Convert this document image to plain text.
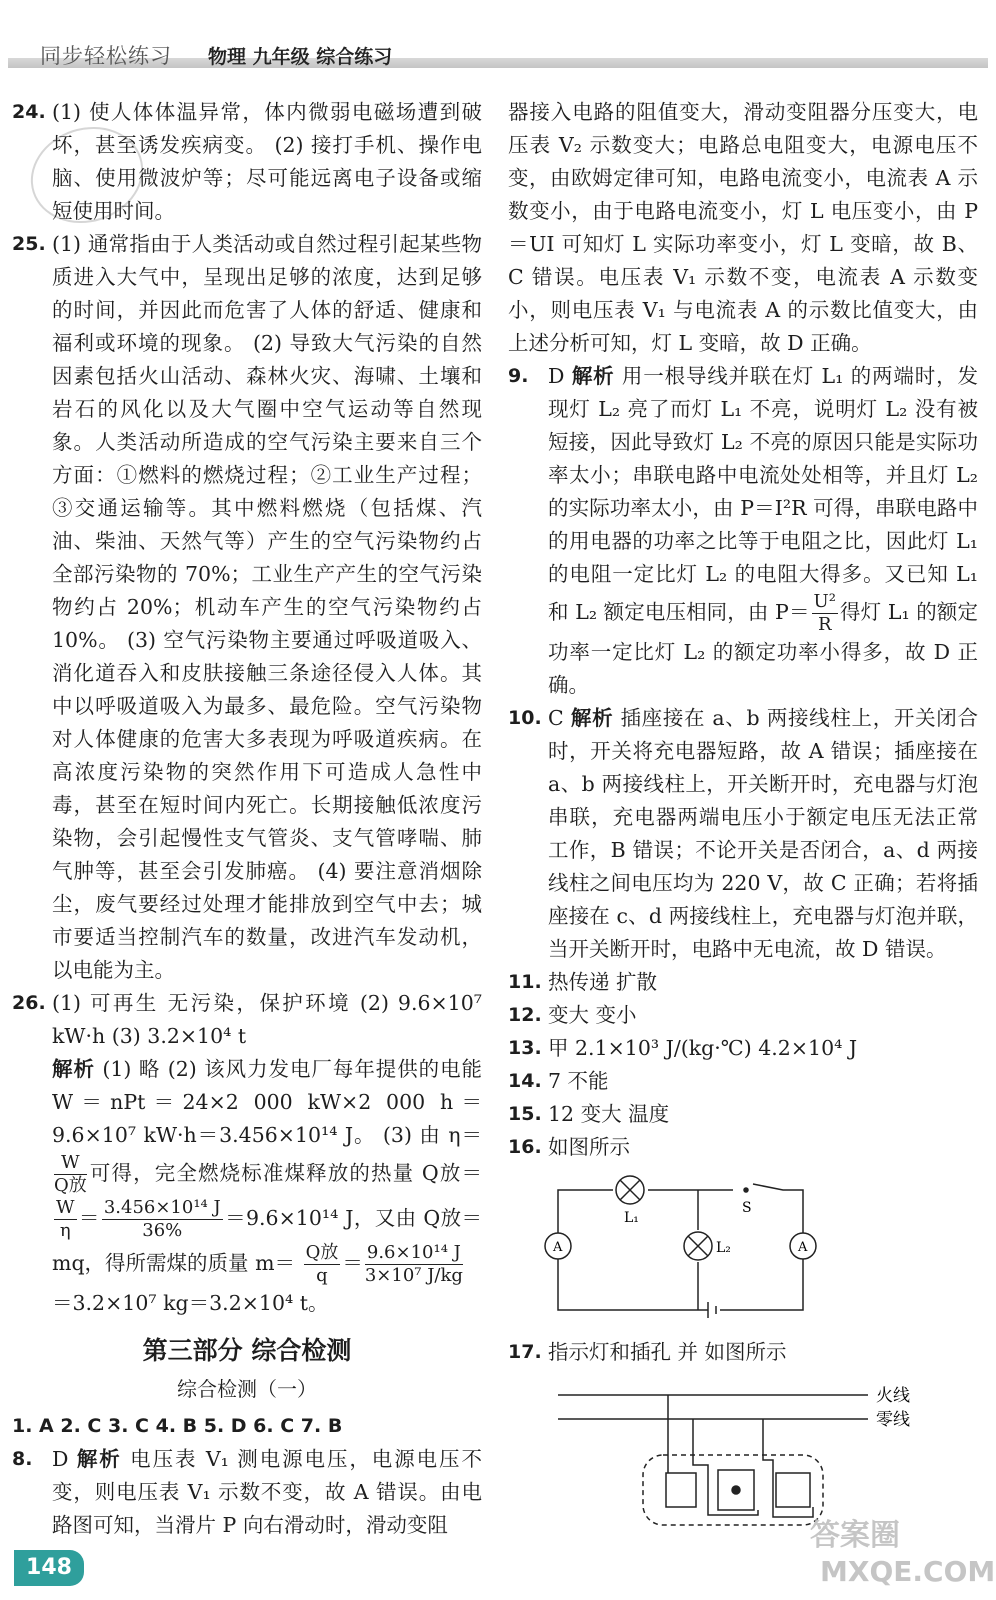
同步轻松练习 物理 九年级 综合练习
24. (1) 使人体体温异常，体内微弱电磁场遭到破坏，甚至诱发疾病变。 (2) 接打手机、操作电脑、使用微波炉等；尽可能远离电子设备或缩短使用时间。
25. (1) 通常指由于人类活动或自然过程引起某些物质进入大气中，呈现出足够的浓度，达到足够的时间，并因此而危害了人体的舒适、健康和福利或环境的现象。 (2) 导致大气污染的自然因素包括火山活动、森林火灾、海啸、土壤和岩石的风化以及大气圈中空气运动等自然现象。人类活动所造成的空气污染主要来自三个方面：①燃料的燃烧过程；②工业生产过程；③交通运输等。其中燃料燃烧（包括煤、汽油、柴油、天然气等）产生的空气污染物约占全部污染物的 70%；工业生产产生的空气污染物约占 20%；机动车产生的空气污染物约占 10%。 (3) 空气污染物主要通过呼吸道吸入、消化道吞入和皮肤接触三条途径侵入人体。其中以呼吸道吸入为最多、最危险。空气污染物对人体健康的危害大多表现为呼吸道疾病。在高浓度污染物的突然作用下可造成人急性中毒，甚至在短时间内死亡。长期接触低浓度污染物，会引起慢性支气管炎、支气管哮喘、肺气肿等，甚至会引发肺癌。 (4) 要注意消烟除尘，废气要经过处理才能排放到空气中去；城市要适当控制汽车的数量，改进汽车发动机，以电能为主。
26. (1) 可再生 无污染，保护环境 (2) 9.6×10⁷ kW·h (3) 3.2×10⁴ t
解析 (1) 略 (2) 该风力发电厂每年提供的电能 W＝nPt＝24×2 000 kW×2 000 h＝9.6×10⁷ kW·h＝3.456×10¹⁴ J。 (3) 由 η＝
$\frac{W}{\text{Q放}}$ 可得，完全燃烧标准煤释放的热量 Q放＝
$\frac{W}{\eta} = \frac{\text{3.456×10¹⁴ J}}{36\%} =9.6\times 10^{14}$ J，又由 Q放＝mq，得所需煤的质量 $m= \frac{\text{Q放}}{q} = \frac{\text{9.6×10¹⁴ J}}{\text{3×10⁷ J/kg}}$

＝3.2×10⁷ kg＝3.2×10⁴ t。
第三部分 综合检测
综合检测（一）
1. A 2. C 3. C 4. B 5. D 6. C 7. B
8. D 解析 电压表 V₁ 测电源电压，电源电压不变，则电压表 V₁ 示数不变，故 A 错误。由电路图可知，当滑片 P 向右滑动时，滑动变阻
器接入电路的阻值变大，滑动变阻器分压变大，电压表 V₂ 示数变大；电路总电阻变大，电源电压不变，由欧姆定律可知，电路电流变小，电流表 A 示数变小，由于电路电流变小，灯 L 电压变小，由 P＝UI 可知灯 L 实际功率变小，灯 L 变暗，故 B、C 错误。电压表 V₁ 示数不变，电流表 A 示数变小，则电压表 V₁ 与电流表 A 的示数比值变大，由上述分析可知，灯 L 变暗，故 D 正确。
9. D 解析 用一根导线并联在灯 L₁ 的两端时，发现灯 L₂ 亮了而灯 L₁ 不亮，说明灯 L₂ 没有被短接，因此导致灯 L₂ 不亮的原因只能是实际功率太小；串联电路中电流处处相等，并且灯 L₂ 的实际功率太小，由 P＝I²R 可得，串联电路中的用电器的功率之比等于电阻之比，因此灯 L₁ 的电阻一定比灯 L₂ 的电阻大得多。又已知 L₁ 和 L₂ 额定电压相同，由 $P= \frac{\text{U²}}{R}$ 得灯 L₁ 的额定功率一定比灯 L₂ 的额定功率小得多，故 D 正确。
10. C 解析 插座接在 a、b 两接线柱上，开关闭合时，开关将充电器短路，故 A 错误；插座接在 a、b 两接线柱上，开关断开时，充电器与灯泡串联，充电器两端电压小于额定电压无法正常工作，B 错误；不论开关是否闭合，a、d 两接线柱之间电压均为 220 V，故 C 正确；若将插座接在 c、d 两接线柱上，充电器与灯泡并联，当开关断开时，电路中无电流，故 D 错误。
11. 热传递 扩散
12. 变大 变小
13. 甲 2.1×10³ J/(kg·℃) 4.2×10⁴ J
14. 7 不能
15. 12 变大 温度
16. 如图所示
L₁
L₂
S
A	A
17. 指示灯和插孔 并 如图所示
火线
零线
148
答案圈
MXQE.COM
